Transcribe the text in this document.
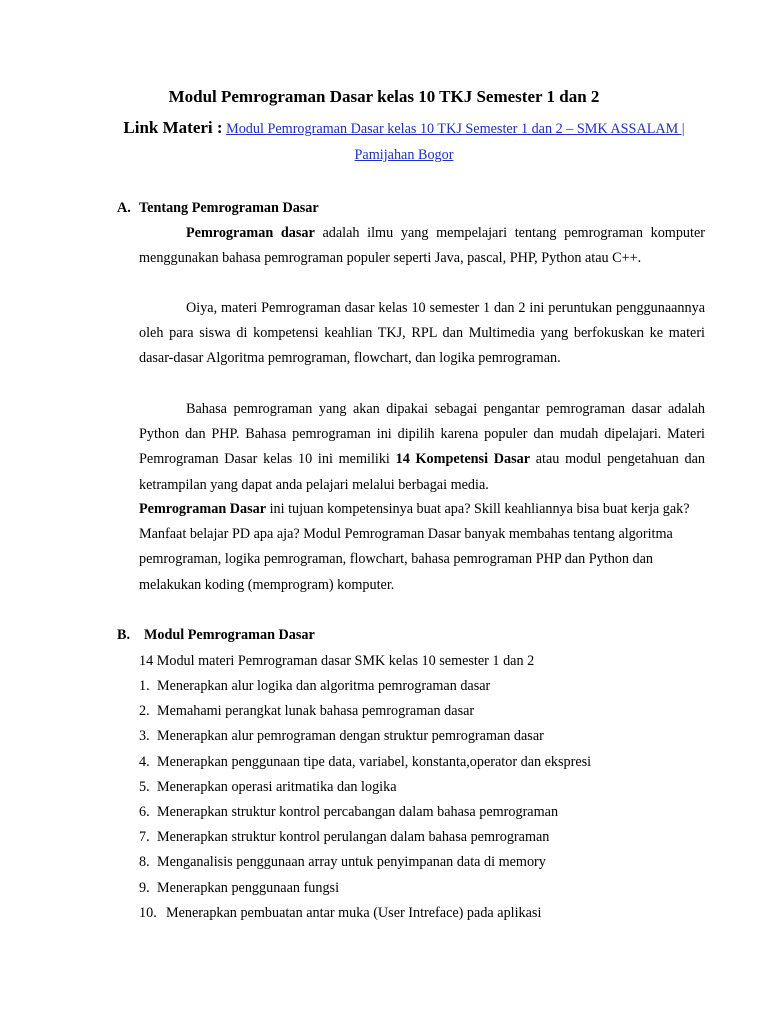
Modul Pemrograman Dasar kelas 10 TKJ Semester 1 dan 2
Link Materi : Modul Pemrograman Dasar kelas 10 TKJ Semester 1 dan 2 – SMK ASSALAM | Pamijahan Bogor
A. Tentang Pemrograman Dasar

Pemrograman dasar adalah ilmu yang mempelajari tentang pemrograman komputer menggunakan bahasa pemrograman populer seperti Java, pascal, PHP, Python atau C++.

Oiya, materi Pemrograman dasar kelas 10 semester 1 dan 2 ini peruntukan penggunaannya oleh para siswa di kompetensi keahlian TKJ, RPL dan Multimedia yang berfokuskan ke materi dasar-dasar Algoritma pemrograman, flowchart, dan logika pemrograman.

Bahasa pemrograman yang akan dipakai sebagai pengantar pemrograman dasar adalah Python dan PHP. Bahasa pemrograman ini dipilih karena populer dan mudah dipelajari. Materi Pemrograman Dasar kelas 10 ini memiliki 14 Kompetensi Dasar atau modul pengetahuan dan ketrampilan yang dapat anda pelajari melalui berbagai media.

Pemrograman Dasar ini tujuan kompetensinya buat apa? Skill keahliannya bisa buat kerja gak? Manfaat belajar PD apa aja? Modul Pemrograman Dasar banyak membahas tentang algoritma pemrograman, logika pemrograman, flowchart, bahasa pemrograman PHP dan Python dan melakukan koding (memprogram) komputer.

B. Modul Pemrograman Dasar
14 Modul materi Pemrograman dasar SMK kelas 10 semester 1 dan 2
1. Menerapkan alur logika dan algoritma pemrograman dasar
2. Memahami perangkat lunak bahasa pemrograman dasar
3. Menerapkan alur pemrograman dengan struktur pemrograman dasar
4. Menerapkan penggunaan tipe data, variabel, konstanta,operator dan ekspresi
5. Menerapkan operasi aritmatika dan logika
6. Menerapkan struktur kontrol percabangan dalam bahasa pemrograman
7. Menerapkan struktur kontrol perulangan dalam bahasa pemrograman
8. Menganalisis penggunaan array untuk penyimpanan data di memory
9. Menerapkan penggunaan fungsi
10. Menerapkan pembuatan antar muka (User Intreface) pada aplikasi
